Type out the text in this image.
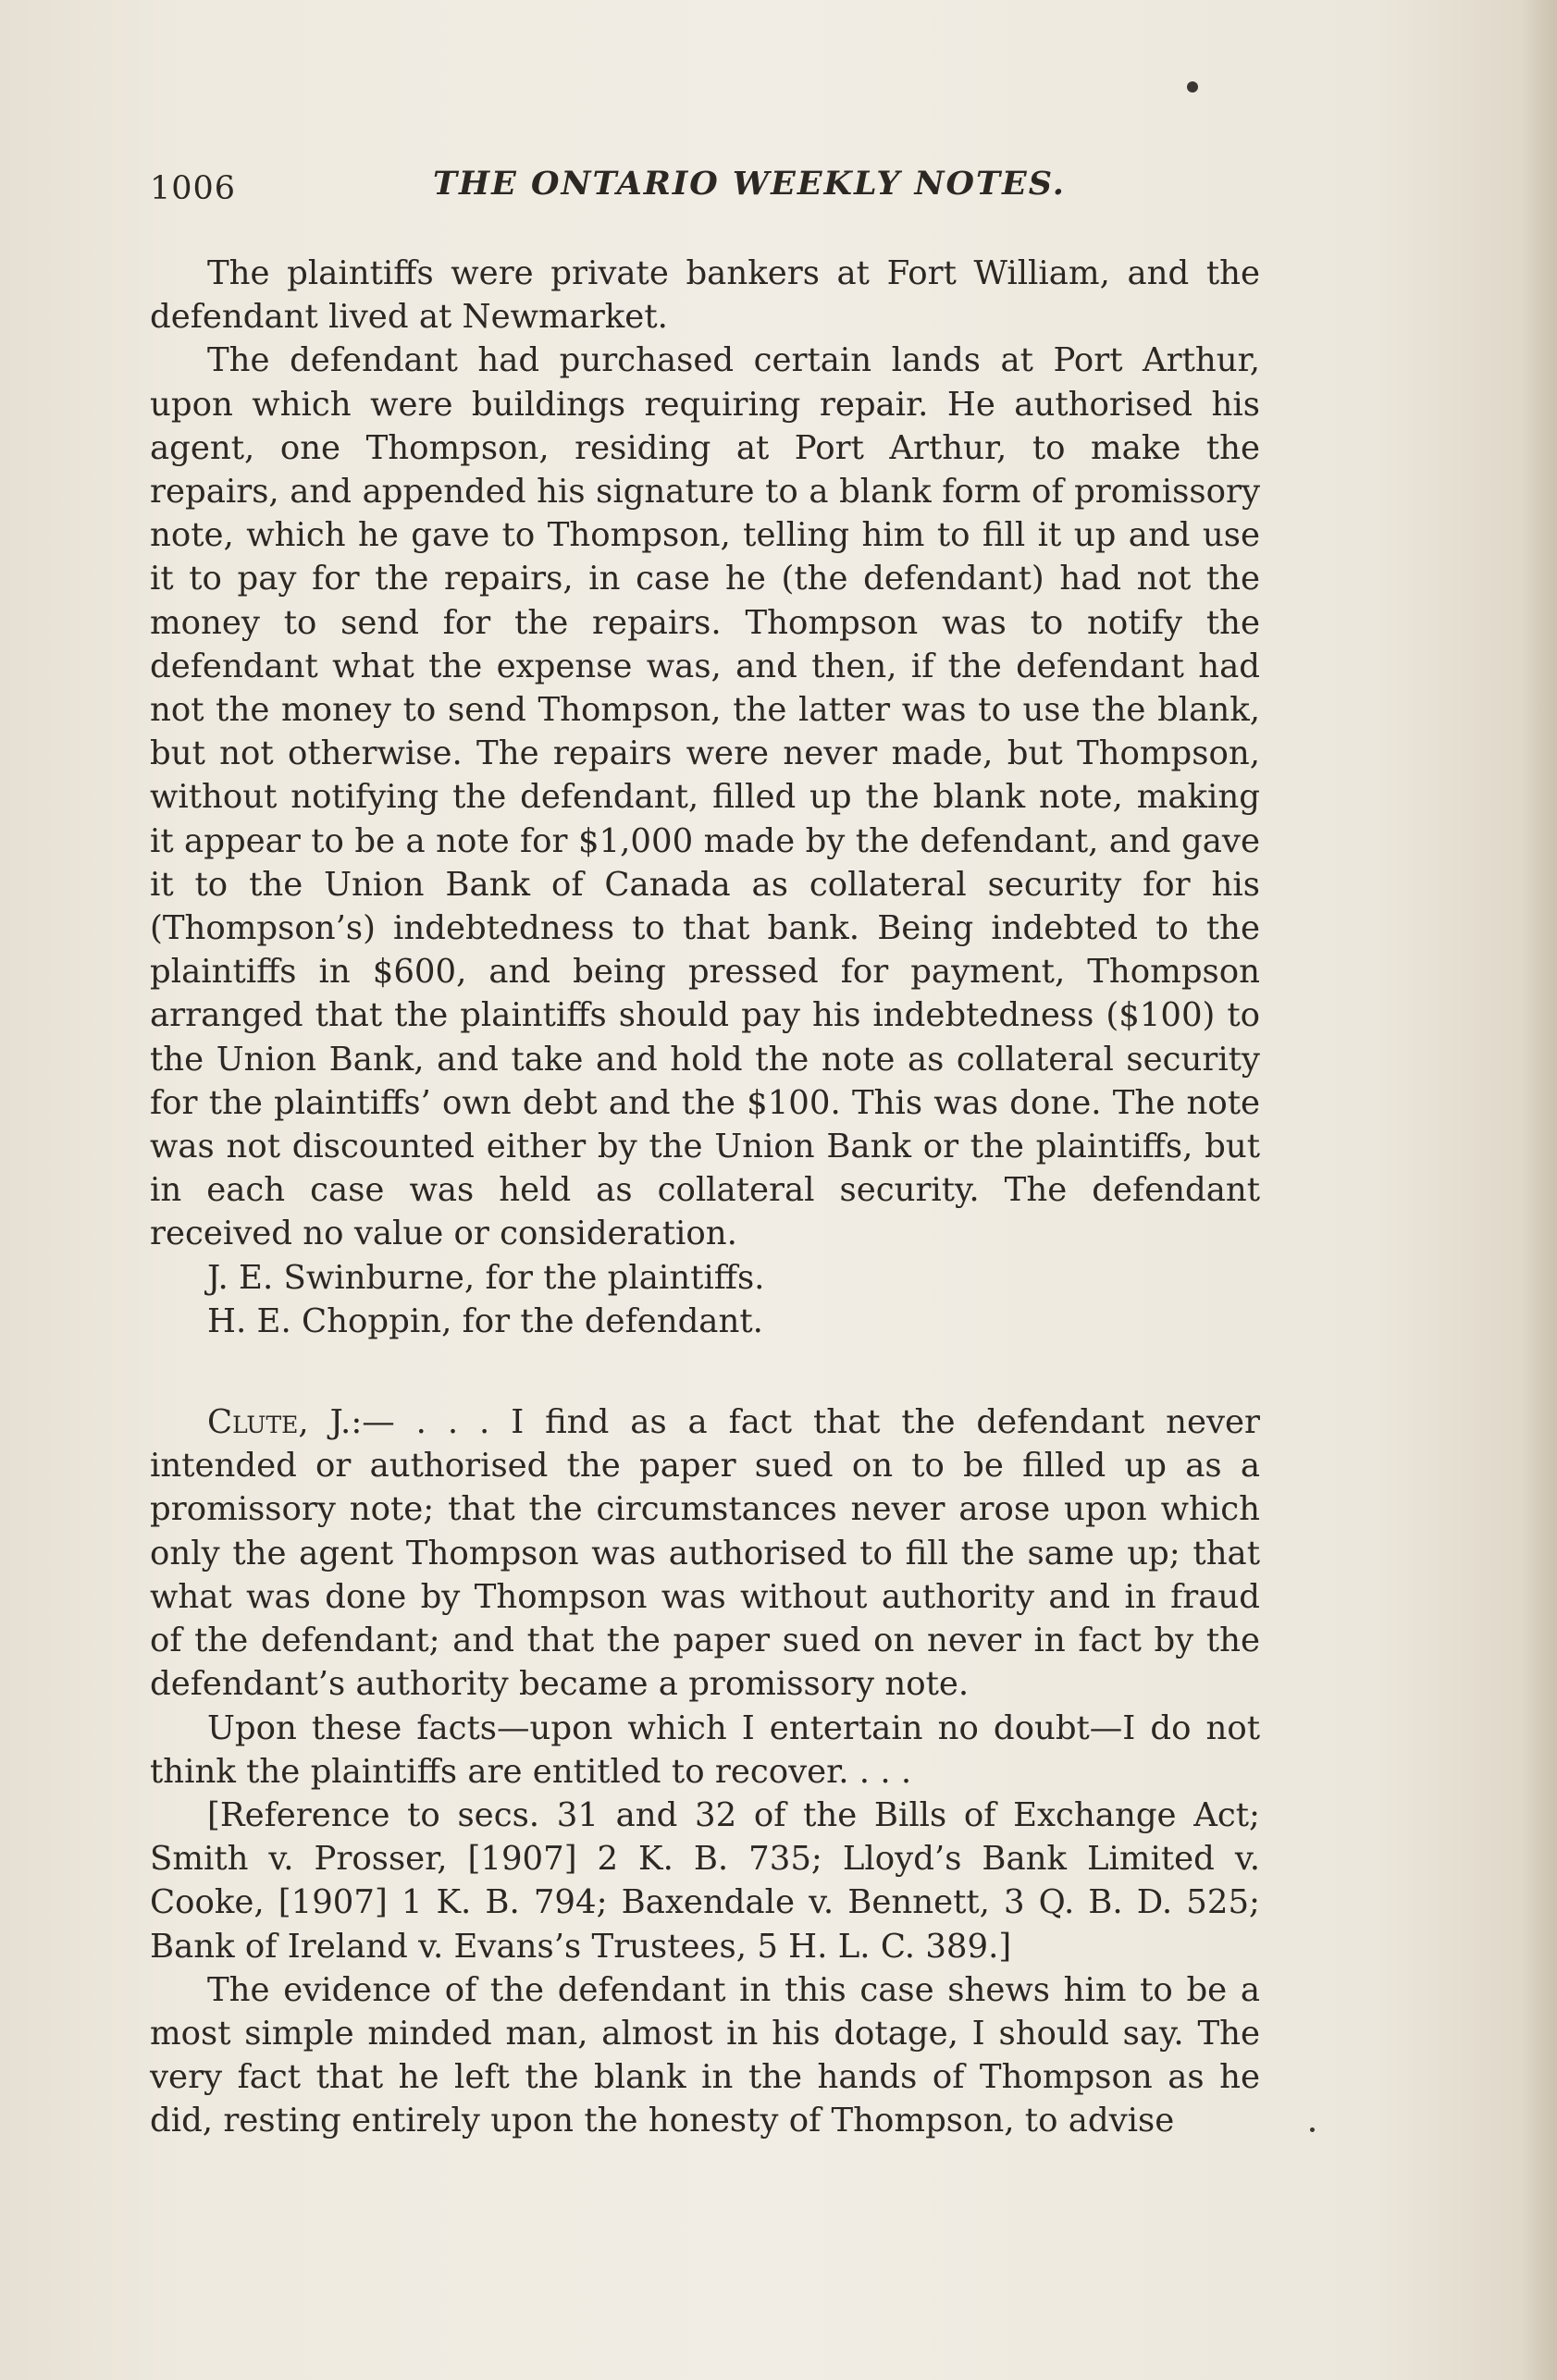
1006	THE ONTARIO WEEKLY NOTES.

The plaintiffs were private bankers at Fort William, and the defendant lived at Newmarket.

The defendant had purchased certain lands at Port Arthur, upon which were buildings requiring repair. He authorised his agent, one Thompson, residing at Port Arthur, to make the repairs, and appended his signature to a blank form of promissory note, which he gave to Thompson, telling him to fill it up and use it to pay for the repairs, in case he (the defendant) had not the money to send for the repairs. Thompson was to notify the defendant what the expense was, and then, if the defendant had not the money to send Thompson, the latter was to use the blank, but not otherwise. The repairs were never made, but Thompson, without notifying the defendant, filled up the blank note, making it appear to be a note for $1,000 made by the defendant, and gave it to the Union Bank of Canada as collateral security for his (Thompson’s) indebtedness to that bank. Being indebted to the plaintiffs in $600, and being pressed for payment, Thompson arranged that the plaintiffs should pay his indebtedness ($100) to the Union Bank, and take and hold the note as collateral security for the plaintiffs’ own debt and the $100. This was done. The note was not discounted either by the Union Bank or the plaintiffs, but in each case was held as collateral security. The defendant received no value or consideration.

J. E. Swinburne, for the plaintiffs.

H. E. Choppin, for the defendant.

Clute, J.:— . . . I find as a fact that the defendant never intended or authorised the paper sued on to be filled up as a promissory note; that the circumstances never arose upon which only the agent Thompson was authorised to fill the same up; that what was done by Thompson was without authority and in fraud of the defendant; and that the paper sued on never in fact by the defendant’s authority became a promissory note.

Upon these facts—upon which I entertain no doubt—I do not think the plaintiffs are entitled to recover. . . .

[Reference to secs. 31 and 32 of the Bills of Exchange Act; Smith v. Prosser, [1907] 2 K. B. 735; Lloyd’s Bank Limited v. Cooke, [1907] 1 K. B. 794; Baxendale v. Bennett, 3 Q. B. D. 525; Bank of Ireland v. Evans’s Trustees, 5 H. L. C. 389.]

The evidence of the defendant in this case shews him to be a most simple minded man, almost in his dotage, I should say. The very fact that he left the blank in the hands of Thompson as he did, resting entirely upon the honesty of Thompson, to advise
